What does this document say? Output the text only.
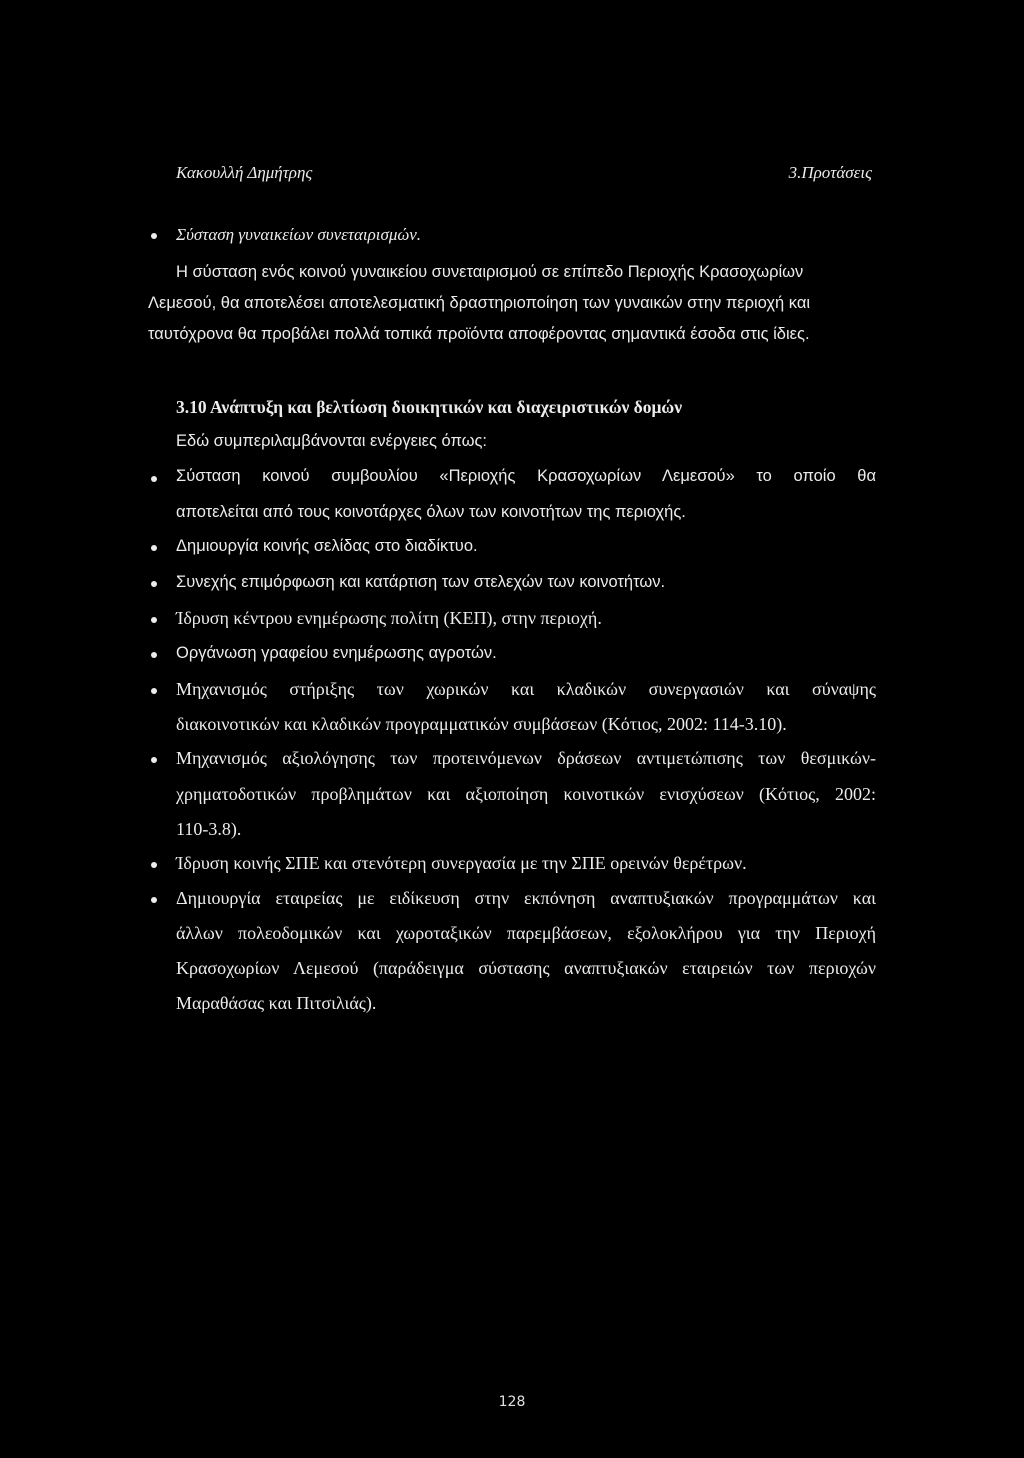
Κακουλλή Δημήτρης	3.Προτάσεις
Σύσταση γυναικείων συνεταιρισμών.
Η σύσταση ενός κοινού γυναικείου συνεταιρισμού σε επίπεδο Περιοχής Κρασοχωρίων
Λεμεσού, θα αποτελέσει αποτελεσματική δραστηριοποίηση των γυναικών στην περιοχή και
ταυτόχρονα θα προβάλει πολλά τοπικά προϊόντα αποφέροντας σημαντικά έσοδα στις ίδιες.
3.10 Ανάπτυξη και βελτίωση διοικητικών και διαχειριστικών δομών
Εδώ συμπεριλαμβάνονται ενέργειες όπως:
Σύσταση κοινού συμβουλίου «Περιοχής Κρασοχωρίων Λεμεσού» το οποίο θα
αποτελείται από τους κοινοτάρχες όλων των κοινοτήτων της περιοχής.
Δημιουργία κοινής σελίδας στο διαδίκτυο.
Συνεχής επιμόρφωση και κατάρτιση των στελεχών των κοινοτήτων.
Ίδρυση κέντρου ενημέρωσης πολίτη (ΚΕΠ), στην περιοχή.
Οργάνωση γραφείου ενημέρωσης αγροτών.
Μηχανισμός στήριξης των χωρικών και κλαδικών συνεργασιών και σύναψης
διακοινοτικών και κλαδικών προγραμματικών συμβάσεων (Κότιος, 2002: 114-3.10).
Μηχανισμός αξιολόγησης των προτεινόμενων δράσεων αντιμετώπισης των θεσμικών-
χρηματοδοτικών προβλημάτων και αξιοποίηση κοινοτικών ενισχύσεων (Κότιος, 2002:
110-3.8).
Ίδρυση κοινής ΣΠΕ και στενότερη συνεργασία με την ΣΠΕ ορεινών θερέτρων.
Δημιουργία εταιρείας με ειδίκευση στην εκπόνηση αναπτυξιακών προγραμμάτων και
άλλων πολεοδομικών και χωροταξικών παρεμβάσεων, εξολοκλήρου για την Περιοχή
Κρασοχωρίων Λεμεσού (παράδειγμα σύστασης αναπτυξιακών εταιρειών των περιοχών
Μαραθάσας και Πιτσιλιάς).
128
